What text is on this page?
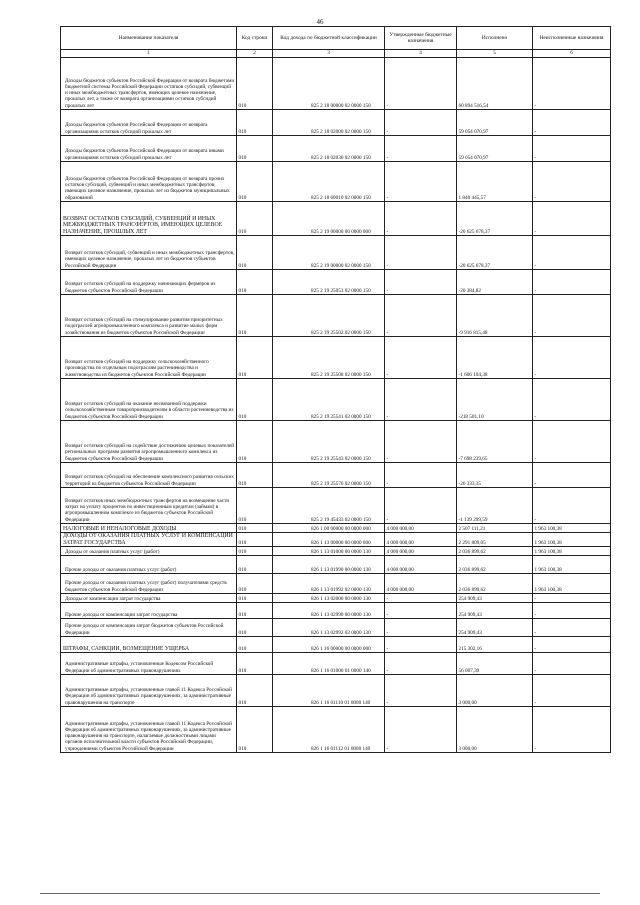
46
Наименование показателя	Код строки	Код дохода по бюджетной классификации	Утвержденные бюджетные назначения	Исполнено	Неисполненные назначения
1	2	3	4	5	6
Доходы бюджетов субъектов Российской Федерации от возврата бюджетами бюджетной системы Российской Федерации остатков субсидий, субвенций и иных межбюджетных трансфертов, имеющих целевое назначение, прошлых лет, а также от возврата организациями остатков субсидий прошлых лет	010	825 2 18 00000 02 0000 150	-	60 894 516,54	-
Доходы бюджетов субъектов Российской Федерации от возврата организациями остатков субсидий прошлых лет	010	825 2 18 02000 02 0000 150	-	59 054 070,97	-
Доходы бюджетов субъектов Российской Федерации от возврата иными организациями остатков субсидий прошлых лет	010	825 2 18 02030 02 0000 150	-	59 054 070,97	-
Доходы бюджетов субъектов Российской Федерации от возврата прочих остатков субсидий, субвенций и иных межбюджетных трансфертов, имеющих целевое назначение, прошлых лет из бюджетов муниципальных образований	010	825 2 18 60010 02 0000 150	-	1 840 445,57	-
ВОЗВРАТ ОСТАТКОВ СУБСИДИЙ, СУБВЕНЦИЙ И ИНЫХ МЕЖБЮДЖЕТНЫХ ТРАНСФЕРТОВ, ИМЕЮЩИХ ЦЕЛЕВОЕ НАЗНАЧЕНИЕ, ПРОШЛЫХ ЛЕТ	010	825 2 19 00000 00 0000 000	-	-20 625 678,37	-
Возврат остатков субсидий, субвенций и иных межбюджетных трансфертов, имеющих целевое назначение, прошлых лет из бюджетов субъектов Российской Федерации	010	825 2 19 00000 02 0000 150	-	-20 625 678,37	-
Возврат остатков субсидий на поддержку начинающих фермеров из бюджетов субъектов Российской Федерации	010	825 2 19 25053 02 0000 150	-	-20 384,82	-
Возврат остатков субсидий на стимулирование развития приоритетных подотраслей агропромышленного комплекса и развитие малых форм хозяйствования из бюджетов субъектов Российской Федерации	010	825 2 19 25502 02 0000 150	-	-9 916 815,48	-
Возврат остатков субсидий на поддержку сельскохозяйственного производства по отдельным подотраслям растениеводства и животноводства из бюджетов субъектов Российской Федерации	010	825 2 19 25508 02 0000 150	-	-1 606 104,38	-
Возврат остатков субсидий на оказание несвязанной поддержки сельскохозяйственным товаропроизводителям в области растениеводства из бюджетов субъектов Российской Федерации	010	825 2 19 25541 02 0000 150	-	-218 501,10	-
Возврат остатков субсидий на содействие достижению целевых показателей региональных программ развития агропромышленного комплекса из бюджетов субъектов Российской Федерации	010	825 2 19 25543 02 0000 150	-	-7 698 239,65	-
Возврат остатков субсидий на обеспечение комплексного развития сельских территорий из бюджетов субъектов Российской Федерации	010	825 2 19 25576 02 0000 150	-	-26 333,35	-
Возврат остатков иных межбюджетных трансфертов на возмещение части затрат на уплату процентов по инвестиционным кредитам (займам) в агропромышленном комплексе из бюджетов субъектов Российской Федерации	010	825 2 19 45433 02 0000 150	-	-1 139 299,59	-
НАЛОГОВЫЕ И НЕНАЛОГОВЫЕ ДОХОДЫ	010	826 1 00 00000 00 0000 000	4 000 000,00	2 507 111,21	1 963 100,38
ДОХОДЫ ОТ ОКАЗАНИЯ ПЛАТНЫХ УСЛУГ И КОМПЕНСАЦИИ ЗАТРАТ ГОСУДАРСТВА	010	826 1 13 00000 00 0000 000	4 000 000,00	2 291 809,05	1 963 100,38
Доходы от оказания платных услуг (работ)	010	826 1 13 01000 00 0000 130	4 000 000,00	2 036 899,62	1 963 100,38
Прочие доходы от оказания платных услуг (работ)	010	826 1 13 01990 00 0000 130	4 000 000,00	2 036 899,62	1 963 100,38
Прочие доходы от оказания платных услуг (работ) получателями средств бюджетов субъектов Российской Федерации	010	826 1 13 01992 02 0000 130	4 000 000,00	2 036 899,62	1 963 100,38
Доходы от компенсации затрат государства	010	826 1 13 02000 00 0000 130	-	254 909,43	-
Прочие доходы от компенсации затрат государства	010	826 1 13 02990 00 0000 130	-	254 909,43	-
Прочие доходы от компенсации затрат бюджетов субъектов Российской Федерации	010	826 1 13 02992 02 0000 130	-	254 909,43	-
ШТРАФЫ, САНКЦИИ, ВОЗМЕЩЕНИЕ УЩЕРБА	010	826 1 16 00000 00 0000 000	-	215 302,16	-
Административные штрафы, установленные Кодексом Российской Федерации об административных правонарушениях	010	826 1 16 01000 01 0000 140	-	56 007,39	-
Административные штрафы, установленные главой 11 Кодекса Российской Федерации об административных правонарушениях, за административные правонарушения на транспорте	010	826 1 16 01110 01 0000 140	-	3 000,00	-
Административные штрафы, установленные главой 11 Кодекса Российской Федерации об административных правонарушениях, за административные правонарушения на транспорте, налагаемые должностными лицами органов исполнительной власти субъектов Российской Федерации, учреждениями субъектов Российской Федерации	010	826 1 16 01112 01 0000 140	-	3 000,00	-
